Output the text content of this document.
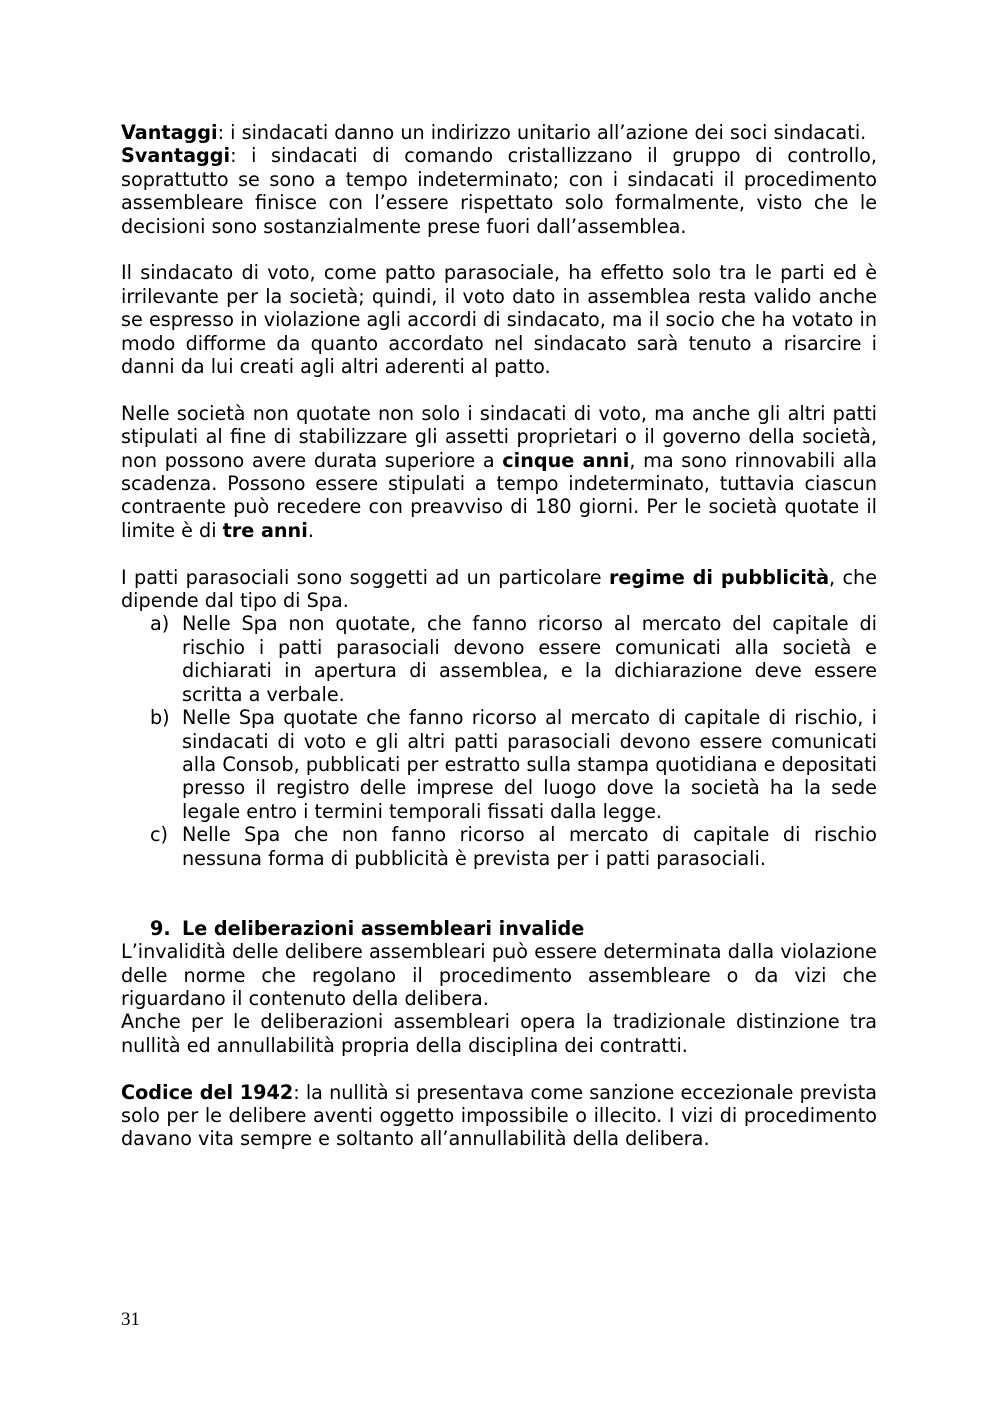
Vantaggi: i sindacati danno un indirizzo unitario all’azione dei soci sindacati.

Svantaggi: i sindacati di comando cristallizzano il gruppo di controllo, soprattutto se sono a tempo indeterminato; con i sindacati il procedimento assembleare finisce con l’essere rispettato solo formalmente, visto che le decisioni sono sostanzialmente prese fuori dall’assemblea.

Il sindacato di voto, come patto parasociale, ha effetto solo tra le parti ed è irrilevante per la società; quindi, il voto dato in assemblea resta valido anche se espresso in violazione agli accordi di sindacato, ma il socio che ha votato in modo difforme da quanto accordato nel sindacato sarà tenuto a risarcire i danni da lui creati agli altri aderenti al patto.

Nelle società non quotate non solo i sindacati di voto, ma anche gli altri patti stipulati al fine di stabilizzare gli assetti proprietari o il governo della società, non possono avere durata superiore a cinque anni, ma sono rinnovabili alla scadenza. Possono essere stipulati a tempo indeterminato, tuttavia ciascun contraente può recedere con preavviso di 180 giorni. Per le società quotate il limite è di tre anni.

I patti parasociali sono soggetti ad un particolare regime di pubblicità, che dipende dal tipo di Spa.

a) Nelle Spa non quotate, che fanno ricorso al mercato del capitale di rischio i patti parasociali devono essere comunicati alla società e dichiarati in apertura di assemblea, e la dichiarazione deve essere scritta a verbale.
b) Nelle Spa quotate che fanno ricorso al mercato di capitale di rischio, i sindacati di voto e gli altri patti parasociali devono essere comunicati alla Consob, pubblicati per estratto sulla stampa quotidiana e depositati presso il registro delle imprese del luogo dove la società ha la sede legale entro i termini temporali fissati dalla legge.
c) Nelle Spa che non fanno ricorso al mercato di capitale di rischio nessuna forma di pubblicità è prevista per i patti parasociali.
9. Le deliberazioni assembleari invalide

L’invalidità delle delibere assembleari può essere determinata dalla violazione delle norme che regolano il procedimento assembleare o da vizi che riguardano il contenuto della delibera.

Anche per le deliberazioni assembleari opera la tradizionale distinzione tra nullità ed annullabilità propria della disciplina dei contratti.

Codice del 1942: la nullità si presentava come sanzione eccezionale prevista solo per le delibere aventi oggetto impossibile o illecito. I vizi di procedimento davano vita sempre e soltanto all’annullabilità della delibera.

31
